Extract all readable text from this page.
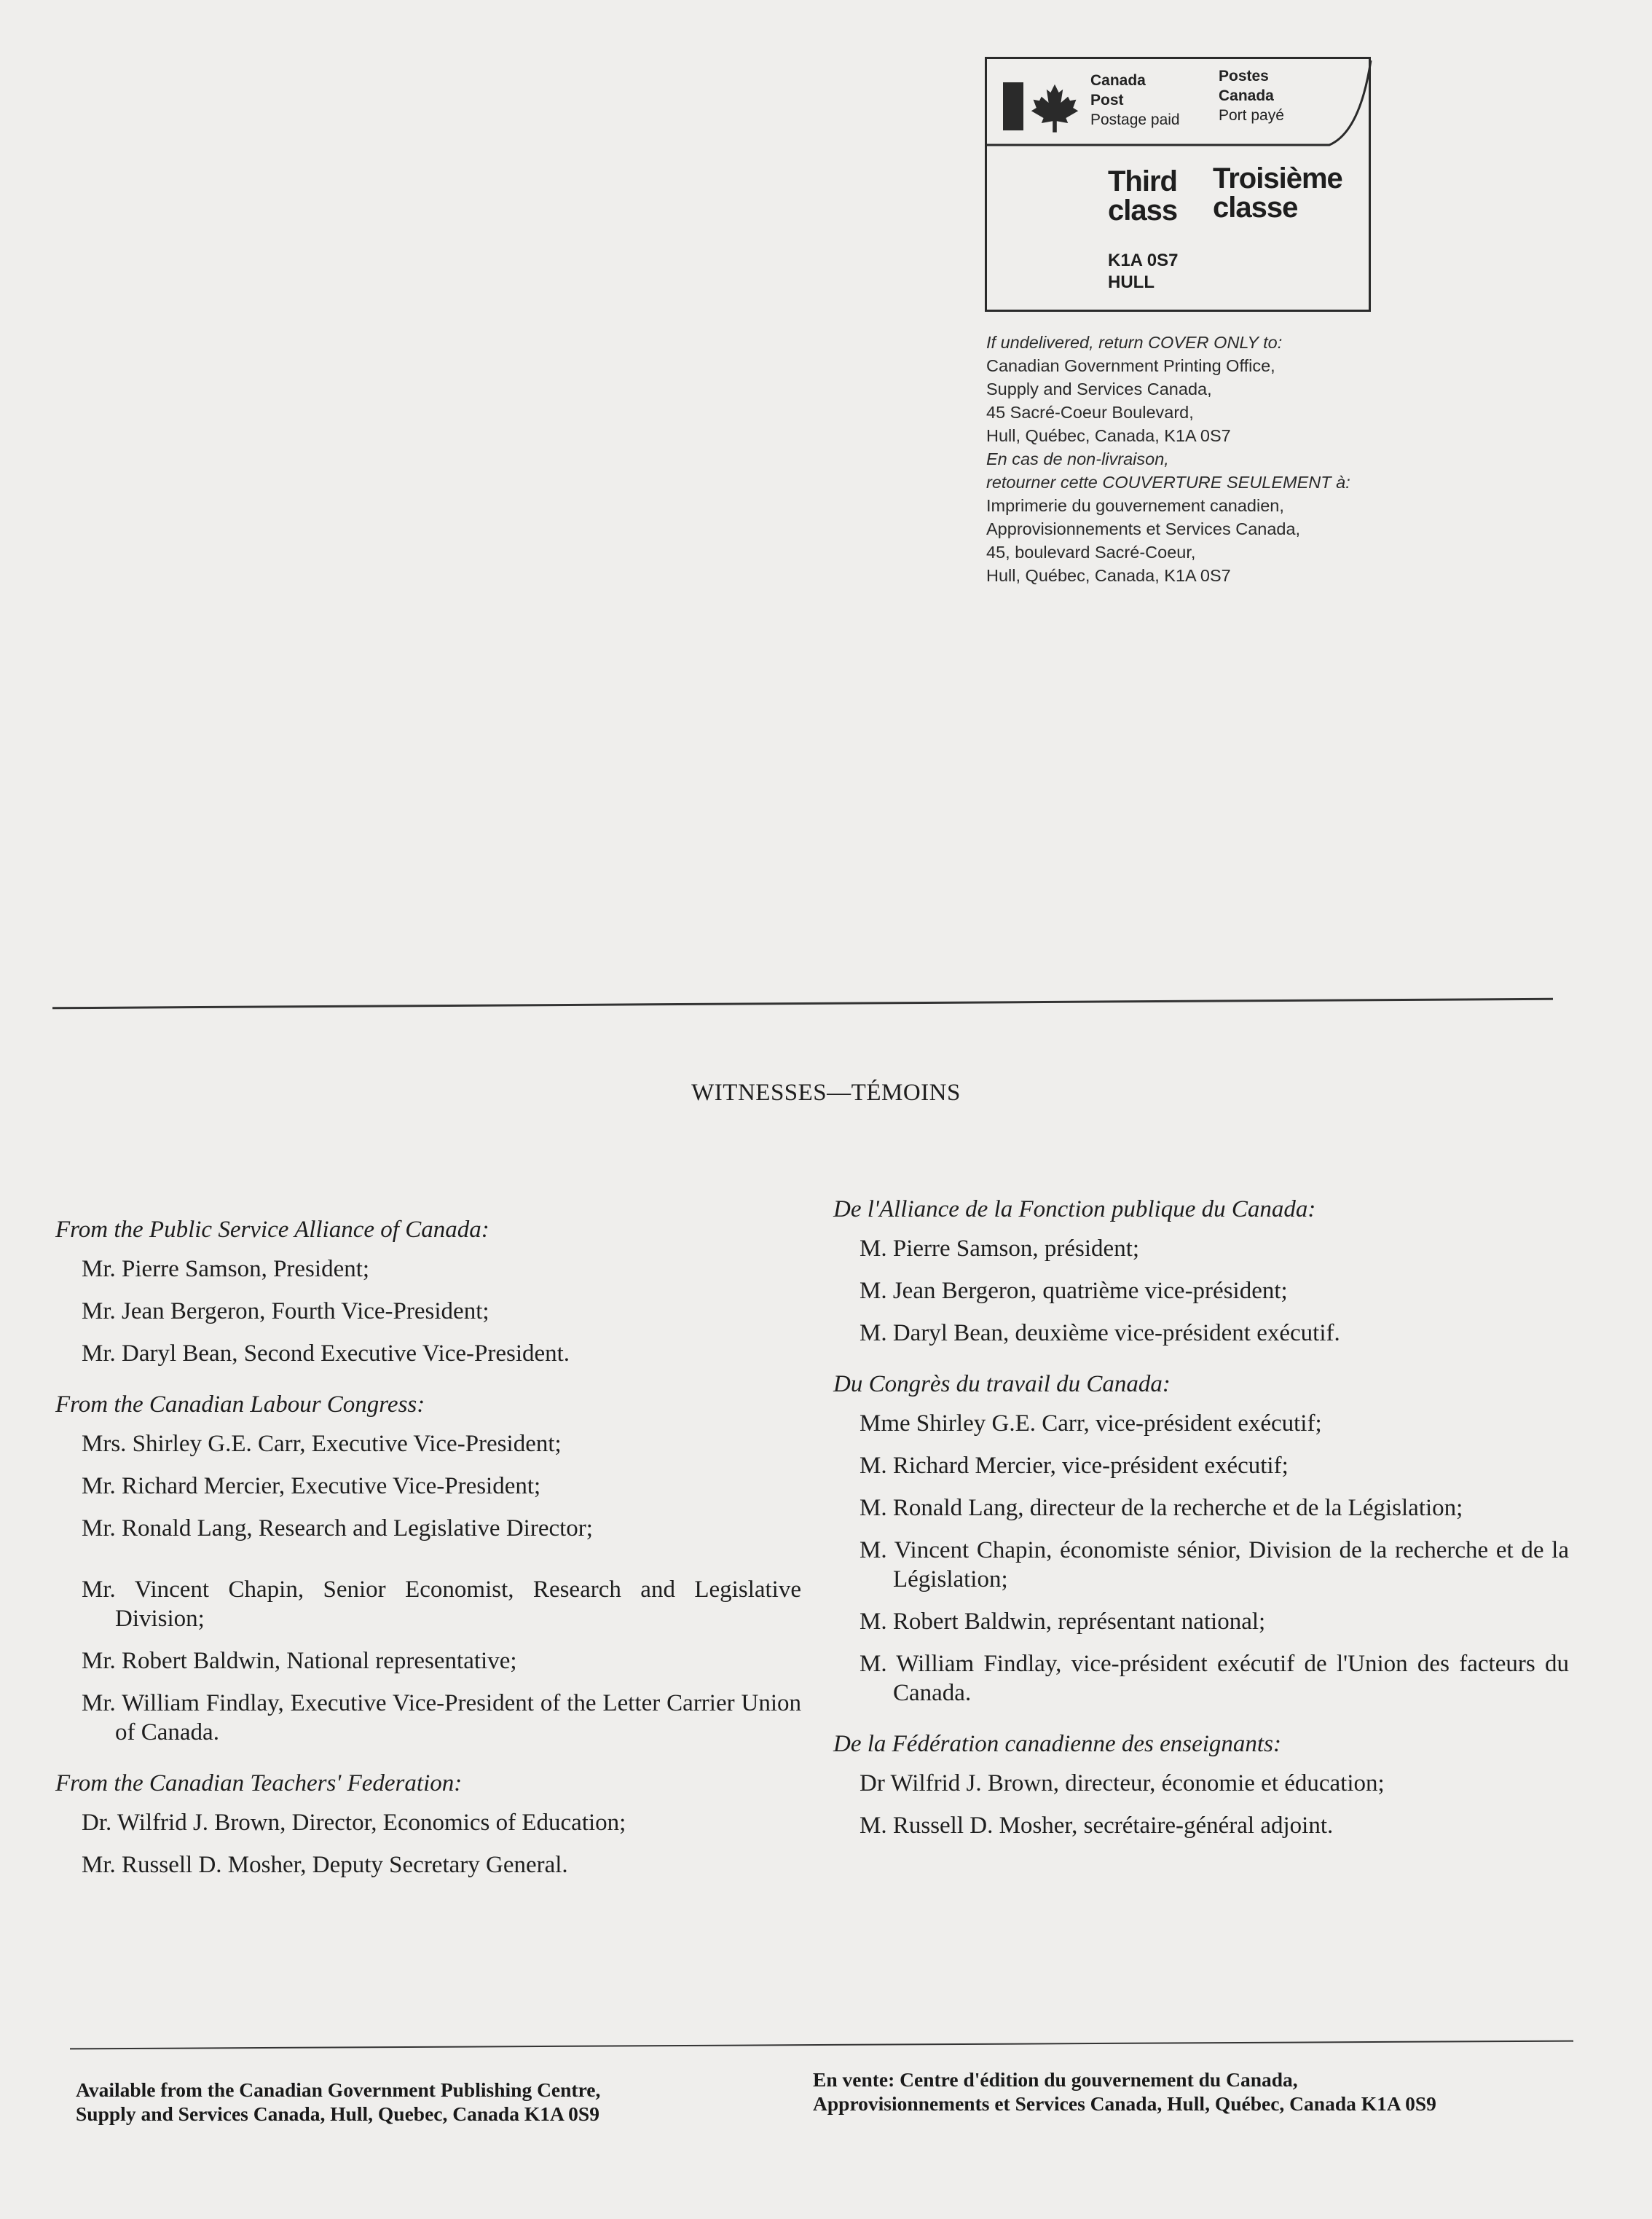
Canada
Post
Postage paid
Postes
Canada
Port payé
Third
class
Troisième
classe
K1A 0S7
HULL
If undelivered, return COVER ONLY to:
Canadian Government Printing Office,
Supply and Services Canada,
45 Sacré-Coeur Boulevard,
Hull, Québec, Canada, K1A 0S7
En cas de non-livraison,
retourner cette COUVERTURE SEULEMENT à:
Imprimerie du gouvernement canadien,
Approvisionnements et Services Canada,
45, boulevard Sacré-Coeur,
Hull, Québec, Canada, K1A 0S7
WITNESSES—TÉMOINS
From the Public Service Alliance of Canada:
Mr. Pierre Samson, President;
Mr. Jean Bergeron, Fourth Vice-President;
Mr. Daryl Bean, Second Executive Vice-President.
From the Canadian Labour Congress:
Mrs. Shirley G.E. Carr, Executive Vice-President;
Mr. Richard Mercier, Executive Vice-President;
Mr. Ronald Lang, Research and Legislative Director;
Mr. Vincent Chapin, Senior Economist, Research and Legislative Division;
Mr. Robert Baldwin, National representative;
Mr. William Findlay, Executive Vice-President of the Letter Carrier Union of Canada.
From the Canadian Teachers' Federation:
Dr. Wilfrid J. Brown, Director, Economics of Education;
Mr. Russell D. Mosher, Deputy Secretary General.
De l'Alliance de la Fonction publique du Canada:
M. Pierre Samson, président;
M. Jean Bergeron, quatrième vice-président;
M. Daryl Bean, deuxième vice-président exécutif.
Du Congrès du travail du Canada:
Mme Shirley G.E. Carr, vice-président exécutif;
M. Richard Mercier, vice-président exécutif;
M. Ronald Lang, directeur de la recherche et de la Législation;
M. Vincent Chapin, économiste sénior, Division de la recherche et de la Législation;
M. Robert Baldwin, représentant national;
M. William Findlay, vice-président exécutif de l'Union des facteurs du Canada.
De la Fédération canadienne des enseignants:
Dr Wilfrid J. Brown, directeur, économie et éducation;
M. Russell D. Mosher, secrétaire-général adjoint.
Available from the Canadian Government Publishing Centre,
Supply and Services Canada, Hull, Quebec, Canada K1A 0S9
En vente: Centre d'édition du gouvernement du Canada,
Approvisionnements et Services Canada, Hull, Québec, Canada K1A 0S9
